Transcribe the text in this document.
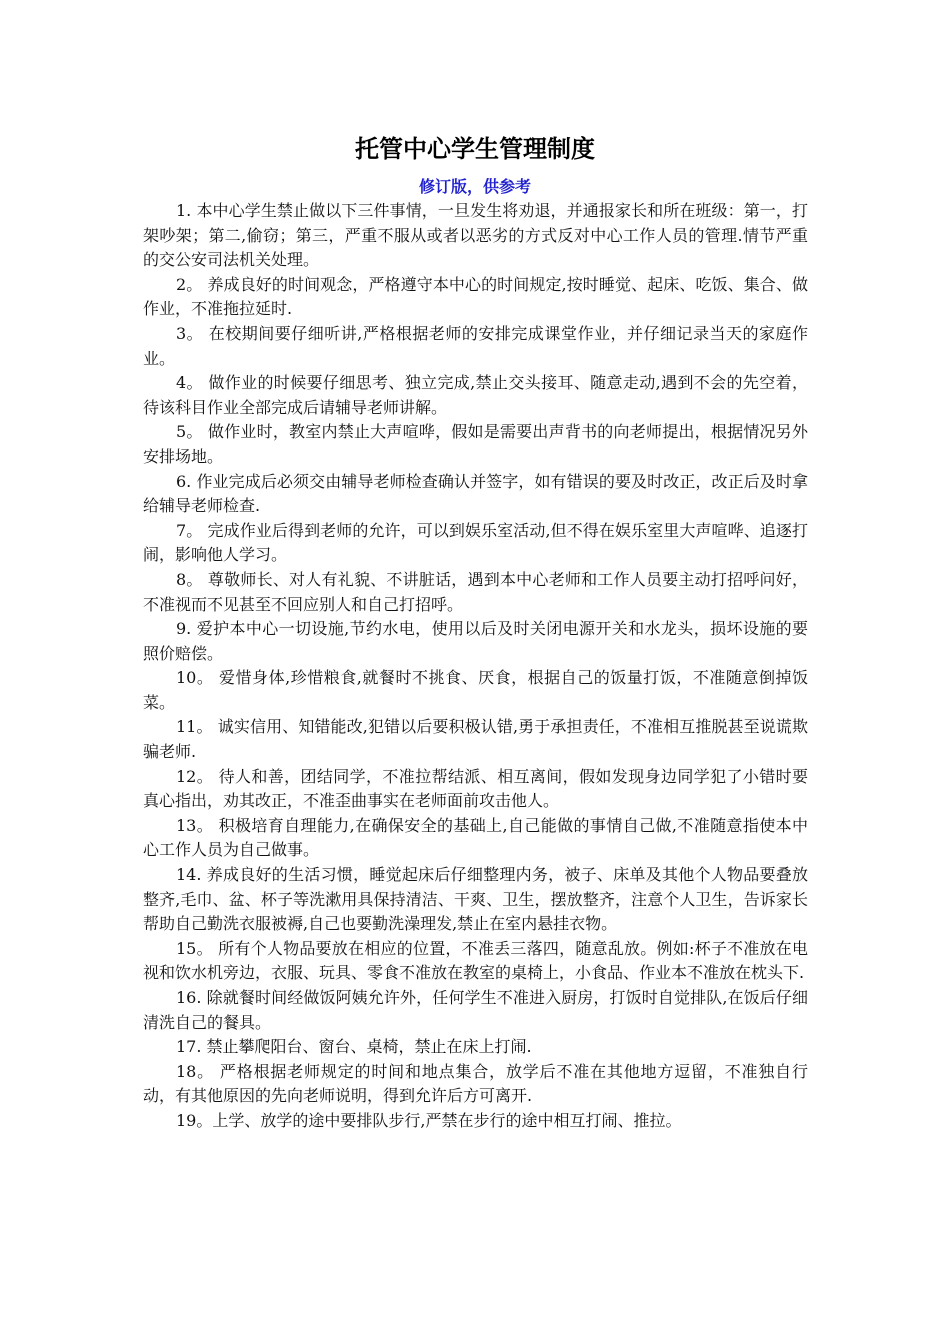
托管中心学生管理制度
修订版，供参考

1. 本中心学生禁止做以下三件事情，一旦发生将劝退，并通报家长和所在班级：第一，打架吵架；第二,偷窃；第三，严重不服从或者以恶劣的方式反对中心工作人员的管理.情节严重的交公安司法机关处理。

2。 养成良好的时间观念，严格遵守本中心的时间规定,按时睡觉、起床、吃饭、集合、做作业，不准拖拉延时.

3。 在校期间要仔细听讲,严格根据老师的安排完成课堂作业，并仔细记录当天的家庭作业。

4。 做作业的时候要仔细思考、独立完成,禁止交头接耳、随意走动,遇到不会的先空着，待该科目作业全部完成后请辅导老师讲解。

5。 做作业时，教室内禁止大声喧哗，假如是需要出声背书的向老师提出，根据情况另外安排场地。

6. 作业完成后必须交由辅导老师检查确认并签字，如有错误的要及时改正，改正后及时拿给辅导老师检查.

7。 完成作业后得到老师的允许，可以到娱乐室活动,但不得在娱乐室里大声喧哗、追逐打闹，影响他人学习。

8。 尊敬师长、对人有礼貌、不讲脏话，遇到本中心老师和工作人员要主动打招呼问好，不准视而不见甚至不回应别人和自己打招呼。

9. 爱护本中心一切设施,节约水电，使用以后及时关闭电源开关和水龙头，损坏设施的要照价赔偿。

10。 爱惜身体,珍惜粮食,就餐时不挑食、厌食，根据自己的饭量打饭，不准随意倒掉饭菜。

11。 诚实信用、知错能改,犯错以后要积极认错,勇于承担责任，不准相互推脱甚至说谎欺骗老师.

12。 待人和善，团结同学，不准拉帮结派、相互离间，假如发现身边同学犯了小错时要真心指出，劝其改正，不准歪曲事实在老师面前攻击他人。

13。 积极培育自理能力,在确保安全的基础上,自己能做的事情自己做,不准随意指使本中心工作人员为自己做事。

14. 养成良好的生活习惯，睡觉起床后仔细整理内务，被子、床单及其他个人物品要叠放整齐,毛巾、盆、杯子等洗漱用具保持清洁、干爽、卫生，摆放整齐，注意个人卫生，告诉家长帮助自己勤洗衣服被褥,自己也要勤洗澡理发,禁止在室内悬挂衣物。

15。 所有个人物品要放在相应的位置，不准丢三落四，随意乱放。例如:杯子不准放在电视和饮水机旁边，衣服、玩具、零食不准放在教室的桌椅上，小食品、作业本不准放在枕头下.

16. 除就餐时间经做饭阿姨允许外，任何学生不准进入厨房，打饭时自觉排队,在饭后仔细清洗自己的餐具。

17. 禁止攀爬阳台、窗台、桌椅，禁止在床上打闹.

18。 严格根据老师规定的时间和地点集合，放学后不准在其他地方逗留，不准独自行动，有其他原因的先向老师说明，得到允许后方可离开.

19。上学、放学的途中要排队步行,严禁在步行的途中相互打闹、推拉。
